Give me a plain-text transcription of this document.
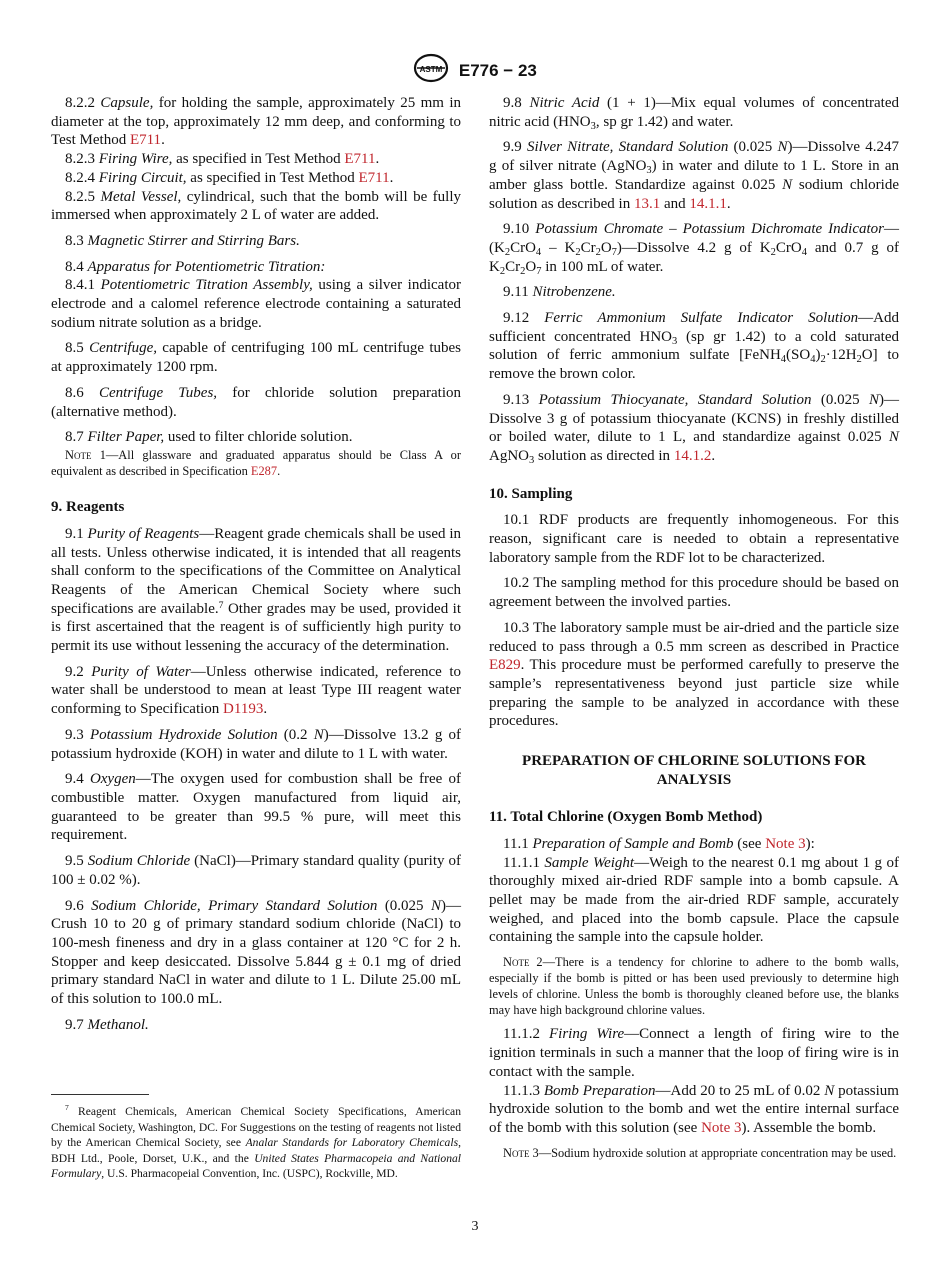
ASTM E776 − 23

8.2.2 Capsule, for holding the sample, approximately 25 mm in diameter at the top, approximately 12 mm deep, and conforming to Test Method E711.

8.2.3 Firing Wire, as specified in Test Method E711.

8.2.4 Firing Circuit, as specified in Test Method E711.

8.2.5 Metal Vessel, cylindrical, such that the bomb will be fully immersed when approximately 2 L of water are added.

8.3 Magnetic Stirrer and Stirring Bars.

8.4 Apparatus for Potentiometric Titration:

8.4.1 Potentiometric Titration Assembly, using a silver indicator electrode and a calomel reference electrode containing a saturated sodium nitrate solution as a bridge.

8.5 Centrifuge, capable of centrifuging 100 mL centrifuge tubes at approximately 1200 rpm.

8.6 Centrifuge Tubes, for chloride solution preparation (alternative method).

8.7 Filter Paper, used to filter chloride solution.

Note 1—All glassware and graduated apparatus should be Class A or equivalent as described in Specification E287.

9. Reagents

9.1 Purity of Reagents—Reagent grade chemicals shall be used in all tests. Unless otherwise indicated, it is intended that all reagents shall conform to the specifications of the Committee on Analytical Reagents of the American Chemical Society where such specifications are available.$^7$ Other grades may be used, provided it is first ascertained that the reagent is of sufficiently high purity to permit its use without lessening the accuracy of the determination.

9.2 Purity of Water—Unless otherwise indicated, reference to water shall be understood to mean at least Type III reagent water conforming to Specification D1193.

9.3 Potassium Hydroxide Solution (0.2 N)—Dissolve 13.2 g of potassium hydroxide (KOH) in water and dilute to 1 L with water.

9.4 Oxygen—The oxygen used for combustion shall be free of combustible matter. Oxygen manufactured from liquid air, guaranteed to be greater than 99.5 % pure, will meet this requirement.

9.5 Sodium Chloride (NaCl)—Primary standard quality (purity of 100 ± 0.02 %).

9.6 Sodium Chloride, Primary Standard Solution (0.025 N)—Crush 10 to 20 g of primary standard sodium chloride (NaCl) to 100-mesh fineness and dry in a glass container at 120 °C for 2 h. Stopper and keep desiccated. Dissolve 5.844 g ± 0.1 mg of dried primary standard NaCl in water and dilute to 1 L. Dilute 25.00 mL of this solution to 100.0 mL.

9.7 Methanol.

$^7$ Reagent Chemicals, American Chemical Society Specifications, American Chemical Society, Washington, DC. For Suggestions on the testing of reagents not listed by the American Chemical Society, see Analar Standards for Laboratory Chemicals, BDH Ltd., Poole, Dorset, U.K., and the United States Pharmacopeia and National Formulary, U.S. Pharmacopeial Convention, Inc. (USPC), Rockville, MD.

9.8 Nitric Acid (1 + 1)—Mix equal volumes of concentrated nitric acid ($HNO_3$, sp gr 1.42) and water.

9.9 Silver Nitrate, Standard Solution (0.025 N)—Dissolve 4.247 g of silver nitrate (AgNO$_3$) in water and dilute to 1 L. Store in an amber glass bottle. Standardize against 0.025 N sodium chloride solution as described in 13.1 and 14.1.1.

9.10 Potassium Chromate – Potassium Dichromate $Indicator—(K_2CrO_4$ – $K_2Cr_2O_7)—Dissolve$ 4.2 g of $K_2CrO_4$ and 0.7 g of $K_2Cr_2O_7$ in 100 mL of water.

9.11 Nitrobenzene.

9.12 Ferric Ammonium Sulfate Indicator Solution—Add sufficient concentrated $HNO_3$ (sp gr 1.42) to a cold saturated solution of ferric ammonium sulfate $[FeNH_4(SO_4)_2\cdot 12H_2O]$ to remove the brown color.

9.13 Potassium Thiocyanate, Standard Solution (0.025 N)—Dissolve 3 g of potassium thiocyanate (KCNS) in freshly distilled or boiled water, dilute to 1 L, and standardize against 0.025 N AgNO$_3$ solution as directed in 14.1.2.

10. Sampling

10.1 RDF products are frequently inhomogeneous. For this reason, significant care is needed to obtain a representative laboratory sample from the RDF lot to be characterized.

10.2 The sampling method for this procedure should be based on agreement between the involved parties.

10.3 The laboratory sample must be air-dried and the particle size reduced to pass through a 0.5 mm screen as described in Practice E829. This procedure must be performed carefully to preserve the sample’s representativeness beyond just particle size while preparing the sample to be analyzed in accordance with these procedures.

PREPARATION OF CHLORINE SOLUTIONS FOR ANALYSIS

11. Total Chlorine (Oxygen Bomb Method)

11.1 Preparation of Sample and Bomb (see Note 3):

11.1.1 Sample Weight—Weigh to the nearest 0.1 mg about 1 g of thoroughly mixed air-dried RDF sample into a bomb capsule. A pellet may be made from the air-dried RDF sample, accurately weighed, and placed into the bomb capsule. Place the capsule containing the sample into the capsule holder.

Note 2—There is a tendency for chlorine to adhere to the bomb walls, especially if the bomb is pitted or has been used previously to determine high levels of chlorine. Unless the bomb is thoroughly cleaned before use, the blanks may have high background chlorine values.

11.1.2 Firing Wire—Connect a length of firing wire to the ignition terminals in such a manner that the loop of firing wire is in contact with the sample.

11.1.3 Bomb Preparation—Add 20 to 25 mL of 0.02 N potassium hydroxide solution to the bomb and wet the entire internal surface of the bomb with this solution (see Note 3). Assemble the bomb.

Note 3—Sodium hydroxide solution at appropriate concentration may be used.

3
